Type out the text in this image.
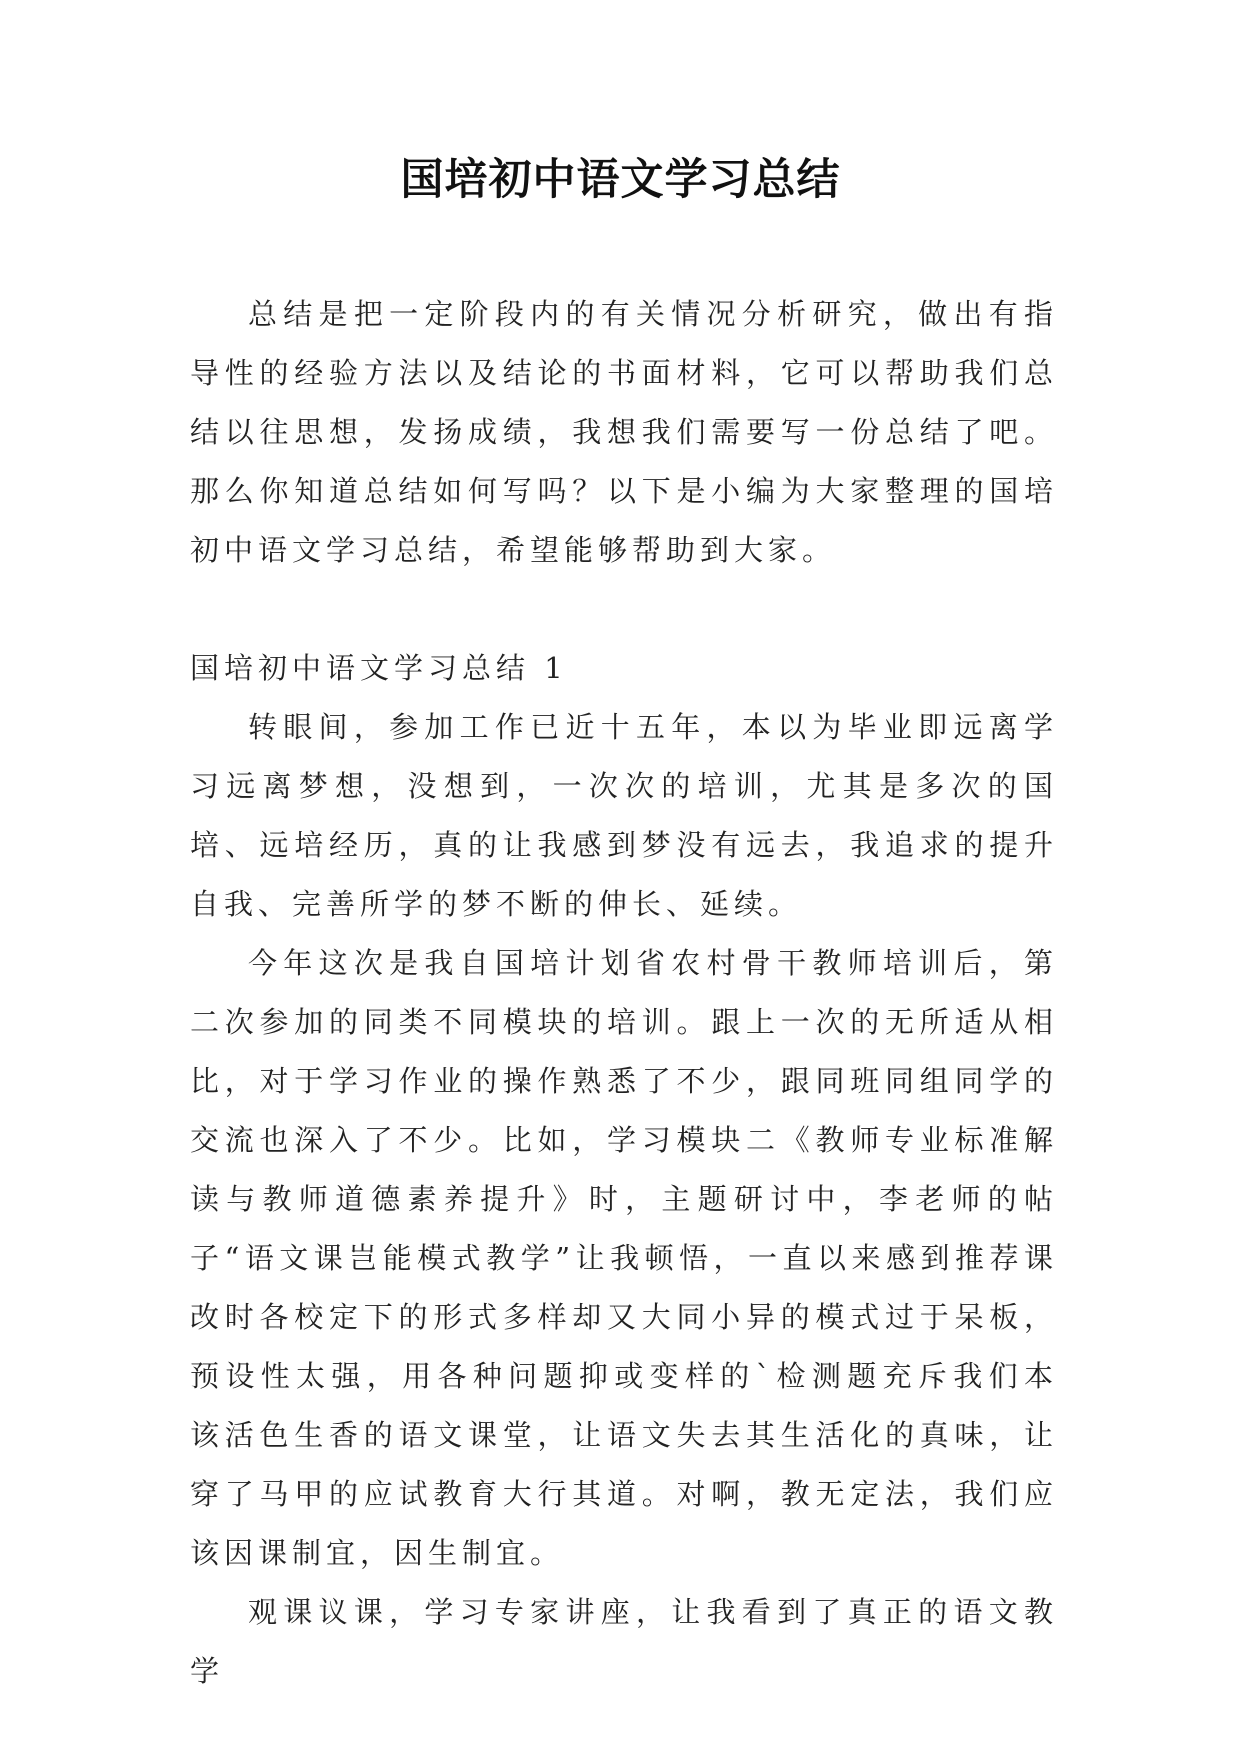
国培初中语文学习总结

总结是把一定阶段内的有关情况分析研究，做出有指导性的经验方法以及结论的书面材料，它可以帮助我们总结以往思想，发扬成绩，我想我们需要写一份总结了吧。那么你知道总结如何写吗？以下是小编为大家整理的国培初中语文学习总结，希望能够帮助到大家。

国培初中语文学习总结 1

转眼间，参加工作已近十五年，本以为毕业即远离学习远离梦想，没想到，一次次的培训，尤其是多次的国培、远培经历，真的让我感到梦没有远去，我追求的提升自我、完善所学的梦不断的伸长、延续。

今年这次是我自国培计划省农村骨干教师培训后，第二次参加的同类不同模块的培训。跟上一次的无所适从相比，对于学习作业的操作熟悉了不少，跟同班同组同学的交流也深入了不少。比如，学习模块二《教师专业标准解读与教师道德素养提升》时，主题研讨中，李老师的帖子“语文课岂能模式教学”让我顿悟，一直以来感到推荐课改时各校定下的形式多样却又大同小异的模式过于呆板，预设性太强，用各种问题抑或变样的`检测题充斥我们本该活色生香的语文课堂，让语文失去其生活化的真味，让穿了马甲的应试教育大行其道。对啊，教无定法，我们应该因课制宜，因生制宜。

观课议课，学习专家讲座，让我看到了真正的语文教学
